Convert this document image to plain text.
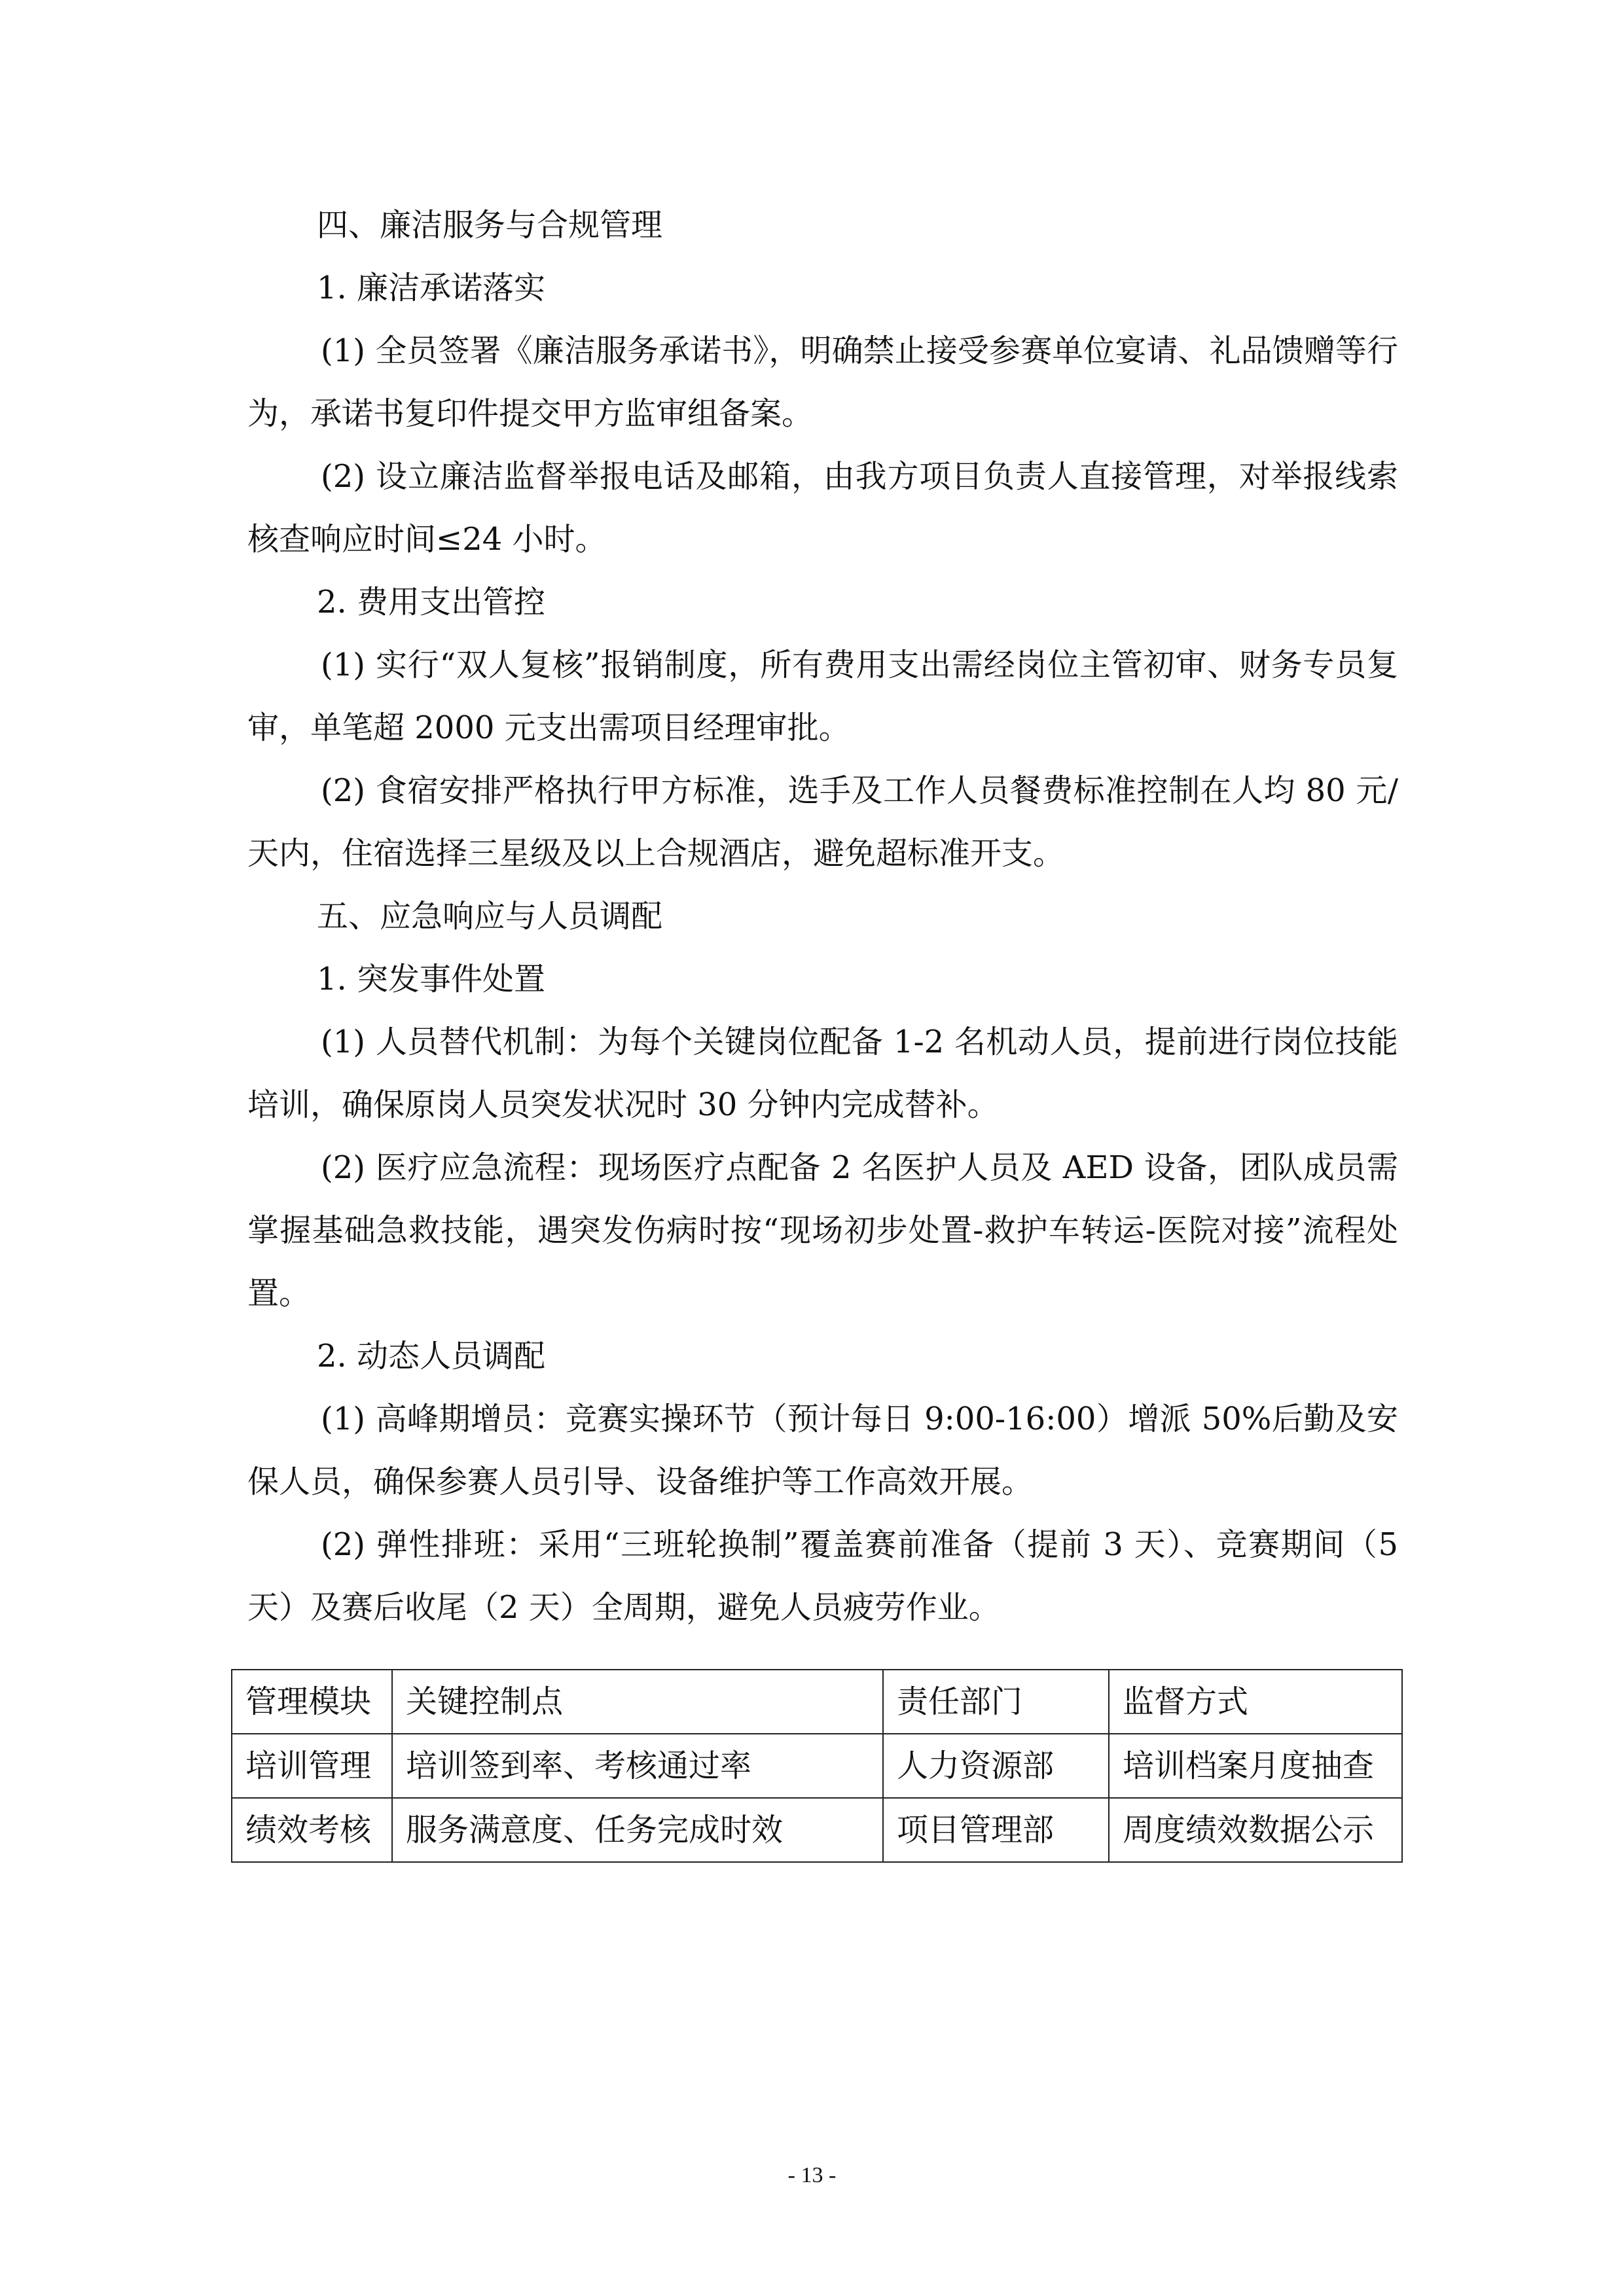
四、廉洁服务与合规管理

1. 廉洁承诺落实

(1) 全员签署《廉洁服务承诺书》，明确禁止接受参赛单位宴请、礼品馈赠等行为，承诺书复印件提交甲方监审组备案。

(2) 设立廉洁监督举报电话及邮箱，由我方项目负责人直接管理，对举报线索核查响应时间≤24 小时。

2. 费用支出管控

(1) 实行“双人复核”报销制度，所有费用支出需经岗位主管初审、财务专员复审，单笔超 2000 元支出需项目经理审批。

(2) 食宿安排严格执行甲方标准，选手及工作人员餐费标准控制在人均 80 元/天内，住宿选择三星级及以上合规酒店，避免超标准开支。

五、应急响应与人员调配

1. 突发事件处置

(1) 人员替代机制：为每个关键岗位配备 1-2 名机动人员，提前进行岗位技能培训，确保原岗人员突发状况时 30 分钟内完成替补。

(2) 医疗应急流程：现场医疗点配备 2 名医护人员及 AED 设备，团队成员需掌握基础急救技能，遇突发伤病时按“现场初步处置-救护车转运-医院对接”流程处置。

2. 动态人员调配

(1) 高峰期增员：竞赛实操环节（预计每日 9:00-16:00）增派 50%后勤及安保人员，确保参赛人员引导、设备维护等工作高效开展。

(2) 弹性排班：采用“三班轮换制”覆盖赛前准备（提前 3 天）、竞赛期间（5 天）及赛后收尾（2 天）全周期，避免人员疲劳作业。

管理模块	关键控制点	责任部门	监督方式
培训管理	培训签到率、考核通过率	人力资源部	培训档案月度抽查
绩效考核	服务满意度、任务完成时效	项目管理部	周度绩效数据公示
- 13 -
